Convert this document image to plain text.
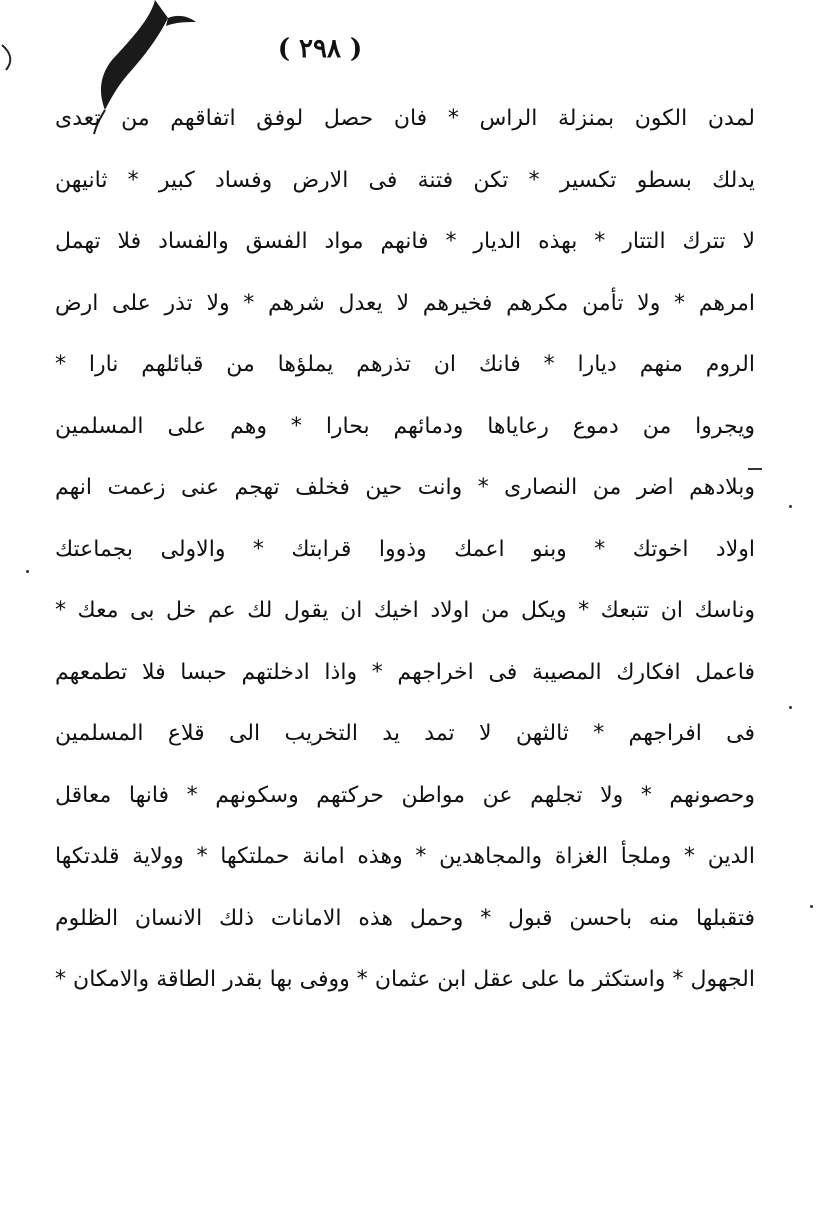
( ٢٩٨ )
لمدن الكون بمنزلة الراس * فان حصل لوفق اتفاقهم من تعدى
يدلك بسطو تكسير * تكن فتنة فى الارض وفساد كبير * ثانيهن
لا تترك التتار * بهذه الديار * فانهم مواد الفسق والفساد فلا تهمل
امرهم * ولا تأمن مكرهم فخيرهم لا يعدل شرهم * ولا تذر على ارض
الروم منهم ديارا * فانك ان تذرهم يملؤها من قبائلهم نارا *
ويجروا من دموع رعاياها ودمائهم بحارا * وهم على المسلمين
وبلادهم اضر من النصارى * وانت حين فخلف تهجم عنى زعمت انهم
اولاد اخوتك * وبنو اعمك وذووا قرابتك * والاولى بجماعتك
وناسك ان تتبعك * ويكل من اولاد اخيك ان يقول لك عم خل بى معك *
فاعمل افكارك المصيبة فى اخراجهم * واذا ادخلتهم حبسا فلا تطمعهم
فى افراجهم * ثالثهن لا تمد يد التخريب الى قلاع المسلمين
وحصونهم * ولا تجلهم عن مواطن حركتهم وسكونهم * فانها معاقل
الدين * وملجأ الغزاة والمجاهدين * وهذه امانة حملتكها * وولاية قلدتكها
فتقبلها منه باحسن قبول * وحمل هذه الامانات ذلك الانسان الظلوم
الجهول * واستكثر ما على عقل ابن عثمان * ووفى بها بقدر الطاقة والامكان *
